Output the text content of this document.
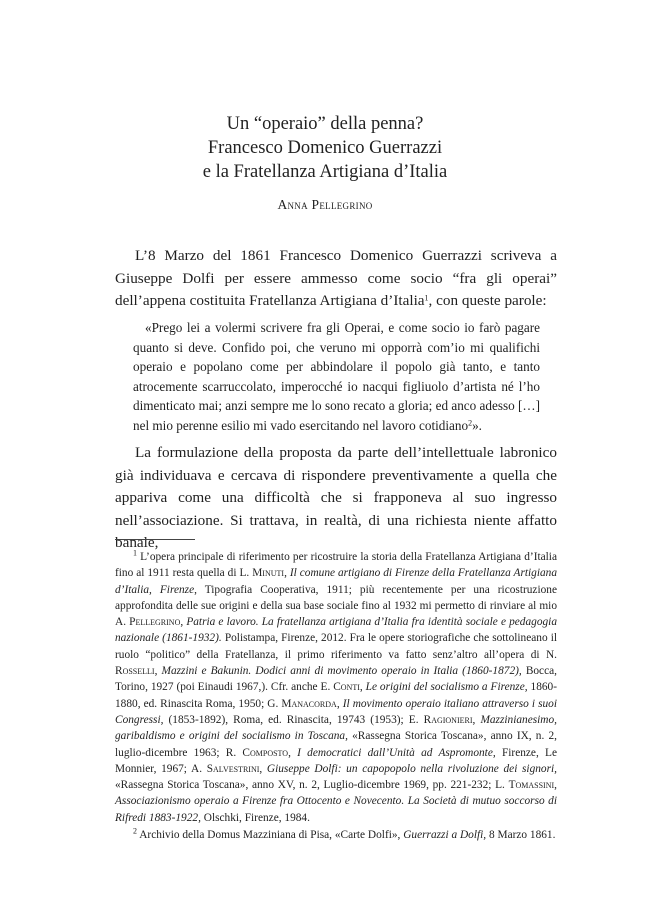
Un “operaio” della penna?
Francesco Domenico Guerrazzi
e la Fratellanza Artigiana d’Italia
Anna Pellegrino
L’8 Marzo del 1861 Francesco Domenico Guerrazzi scriveva a Giuseppe Dolfi per essere ammesso come socio “fra gli operai” dell’appena costituita Fratellanza Artigiana d’Italia$^1$, con queste parole:
«Prego lei a volermi scrivere fra gli Operai, e come socio io farò pagare quanto si deve. Confido poi, che veruno mi opporrà com’io mi qualifichi operaio e popolano come per abbindolare il popolo già tanto, e tanto atrocemente scarruccolato, imperocché io nacqui figliuolo d’artista né l’ho dimenticato mai; anzi sempre me lo sono recato a gloria; ed anco adesso […] nel mio perenne esilio mi vado esercitando nel lavoro cotidiano$^2$».
La formulazione della proposta da parte dell’intellettuale labronico già individuava e cercava di rispondere preventivamente a quella che appariva come una difficoltà che si frapponeva al suo ingresso nell’associazione. Si trattava, in realtà, di una richiesta niente affatto banale,

$^1$ L’opera principale di riferimento per ricostruire la storia della Fratellanza Artigiana d’Italia fino al 1911 resta quella di L. Minuti, Il comune artigiano di Firenze della Fratellanza Artigiana d’Italia, Firenze, Tipografia Cooperativa, 1911; più recentemente per una ricostruzione approfondita delle sue origini e della sua base sociale fino al 1932 mi permetto di rinviare al mio A. Pellegrino, Patria e lavoro. La fratellanza artigiana d’Italia fra identità sociale e pedagogia nazionale (1861-1932). Polistampa, Firenze, 2012. Fra le opere storiografiche che sottolineano il ruolo “politico” della Fratellanza, il primo riferimento va fatto senz’altro all’opera di N. Rosselli, Mazzini e Bakunin. Dodici anni di movimento operaio in Italia (1860-1872), Bocca, Torino, 1927 (poi Einaudi 1967,). Cfr. anche E. Conti, Le origini del socialismo a Firenze, 1860-1880, ed. Rinascita Roma, 1950; G. Manacorda, Il movimento operaio italiano attraverso i suoi Congressi, (1853-1892), Roma, ed. Rinascita, 19743 (1953); E. Ragionieri, Mazzinianesimo, garibaldismo e origini del socialismo in Toscana, «Rassegna Storica Toscana», anno IX, n. 2, luglio-dicembre 1963; R. Composto, I democratici dall’Unità ad Aspromonte, Firenze, Le Monnier, 1967; A. Salvestrini, Giuseppe Dolfi: un capopopolo nella rivoluzione dei signori, «Rassegna Storica Toscana», anno XV, n. 2, Luglio-dicembre 1969, pp. 221-232; L. Tomassini, Associazionismo operaio a Firenze fra Ottocento e Novecento. La Società di mutuo soccorso di Rifredi 1883-1922, Olschki, Firenze, 1984.

$^2$ Archivio della Domus Mazziniana di Pisa, «Carte Dolfi», Guerrazzi a Dolfi, 8 Marzo 1861.
